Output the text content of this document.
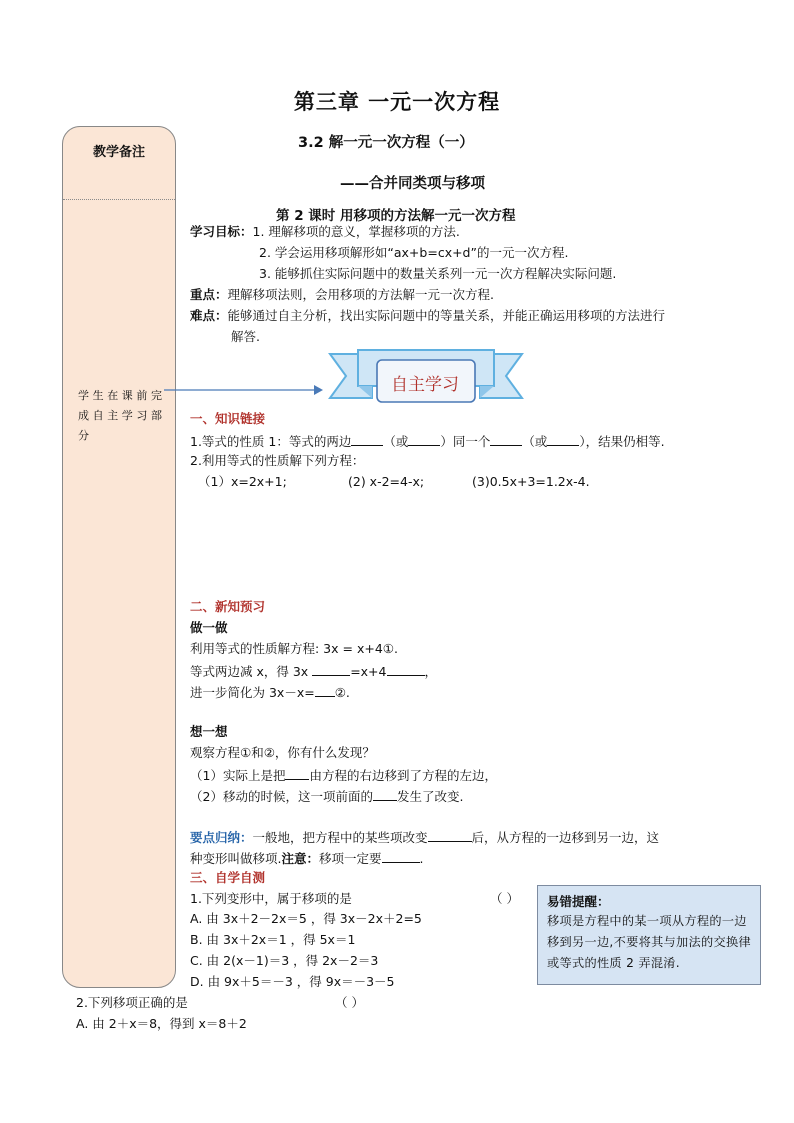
教学备注
学生在课前完成自主学习部分
第三章 一元一次方程
3.2 解一元一次方程（一）
——合并同类项与移项
第 2 课时 用移项的方法解一元一次方程
学习目标：1. 理解移项的意义，掌握移项的方法.
2. 学会运用移项解形如“ax+b=cx+d”的一元一次方程.
3. 能够抓住实际问题中的数量关系列一元一次方程解决实际问题.
重点：理解移项法则，会用移项的方法解一元一次方程.
难点：能够通过自主分析，找出实际问题中的等量关系，并能正确运用移项的方法进行
解答.
自主学习
一、知识链接
1.等式的性质 1：等式的两边	（或	）同一个	（或	），结果仍相等.
2.利用等式的性质解下列方程：
（1）x=2x+1;	(2) x-2=4-x;	(3)0.5x+3=1.2x-4.
二、新知预习
做一做
利用等式的性质解方程: 3x = x+4①.
等式两边减 x，得 3x	=x+4	，
进一步简化为 3x－x= ②.
想一想
观察方程①和②，你有什么发现？
（1）实际上是把 由方程的右边移到了方程的左边，
（2）移动的时候，这一项前面的 发生了改变.
要点归纳：一般地，把方程中的某些项改变	后，从方程的一边移到另一边，这
种变形叫做移项.注意：移项一定要	.
三、自学自测
1.下列变形中，属于移项的是	（ ）
A. 由 3x＋2－2x＝5 ，得 3x－2x＋2=5
B. 由 3x＋2x＝1 ，得 5x＝1
C. 由 2(x－1)＝3 ，得 2x－2＝3
D. 由 9x＋5＝－3 ，得 9x＝－3－5
2.下列移项正确的是	（ ）
A. 由 2＋x＝8，得到 x＝8＋2
易错提醒：
移项是方程中的某一项从方程的一边移到另一边,不要将其与加法的交换律或等式的性质 2 弄混淆.
